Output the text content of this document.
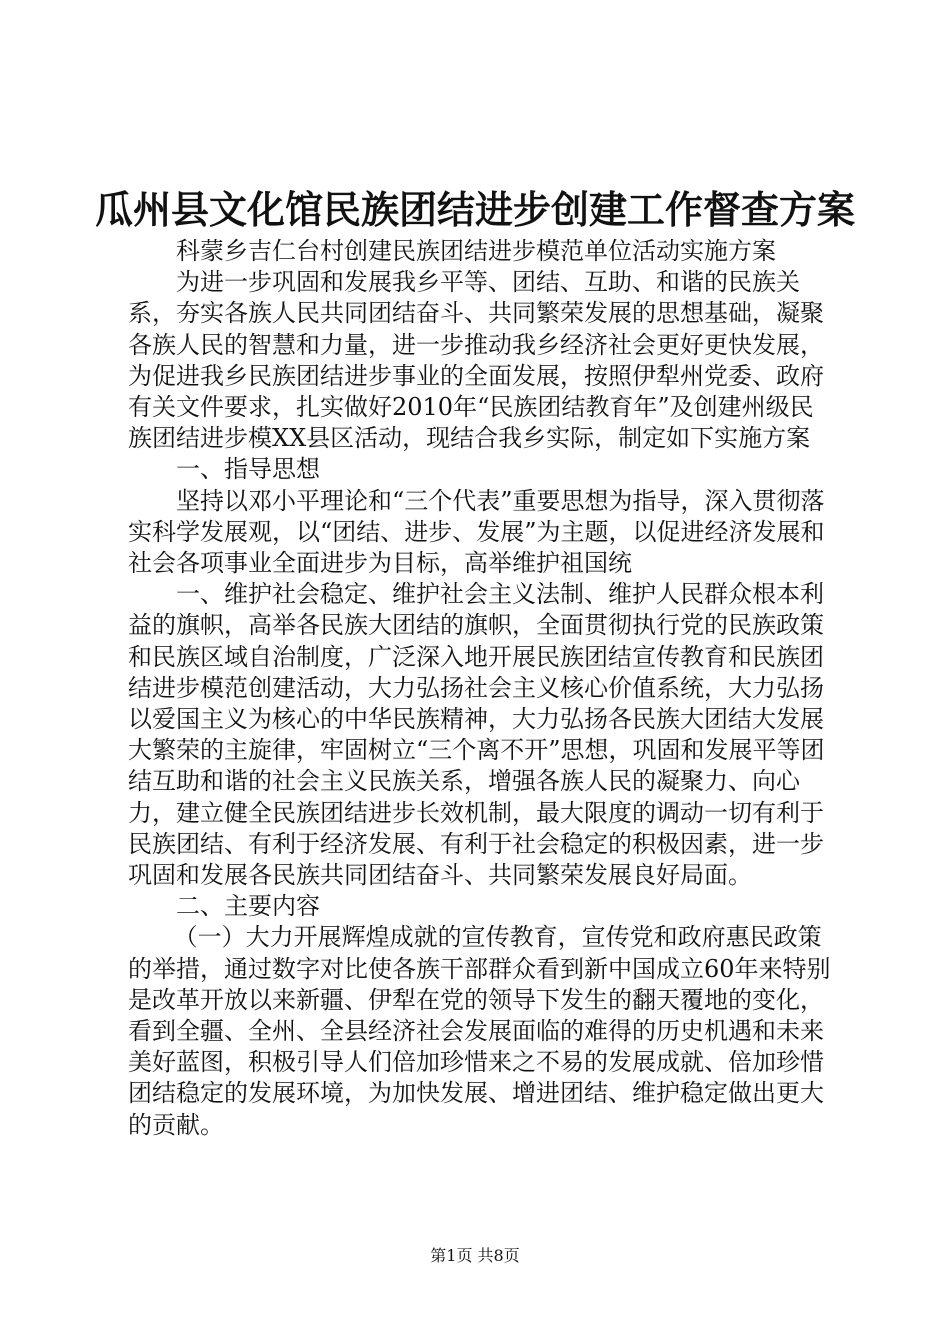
瓜州县文化馆民族团结进步创建工作督查方案

科蒙乡吉仁台村创建民族团结进步模范单位活动实施方案

为进一步巩固和发展我乡平等、团结、互助、和谐的民族关系，夯实各族人民共同团结奋斗、共同繁荣发展的思想基础，凝聚各族人民的智慧和力量，进一步推动我乡经济社会更好更快发展，为促进我乡民族团结进步事业的全面发展，按照伊犁州党委、政府有关文件要求，扎实做好2010年“民族团结教育年”及创建州级民族团结进步模XX县区活动，现结合我乡实际，制定如下实施方案

一、指导思想

坚持以邓小平理论和“三个代表”重要思想为指导，深入贯彻落实科学发展观，以“团结、进步、发展”为主题，以促进经济发展和社会各项事业全面进步为目标，高举维护祖国统

一、维护社会稳定、维护社会主义法制、维护人民群众根本利益的旗帜，高举各民族大团结的旗帜，全面贯彻执行党的民族政策和民族区域自治制度，广泛深入地开展民族团结宣传教育和民族团结进步模范创建活动，大力弘扬社会主义核心价值系统，大力弘扬以爱国主义为核心的中华民族精神，大力弘扬各民族大团结大发展大繁荣的主旋律，牢固树立“三个离不开”思想，巩固和发展平等团结互助和谐的社会主义民族关系，增强各族人民的凝聚力、向心力，建立健全民族团结进步长效机制，最大限度的调动一切有利于民族团结、有利于经济发展、有利于社会稳定的积极因素，进一步巩固和发展各民族共同团结奋斗、共同繁荣发展良好局面。

二、主要内容

（一）大力开展辉煌成就的宣传教育，宣传党和政府惠民政策的举措，通过数字对比使各族干部群众看到新中国成立60年来特别是改革开放以来新疆、伊犁在党的领导下发生的翻天覆地的变化，看到全疆、全州、全县经济社会发展面临的难得的历史机遇和未来美好蓝图，积极引导人们倍加珍惜来之不易的发展成就、倍加珍惜团结稳定的发展环境，为加快发展、增进团结、维护稳定做出更大的贡献。

第1页 共8页
